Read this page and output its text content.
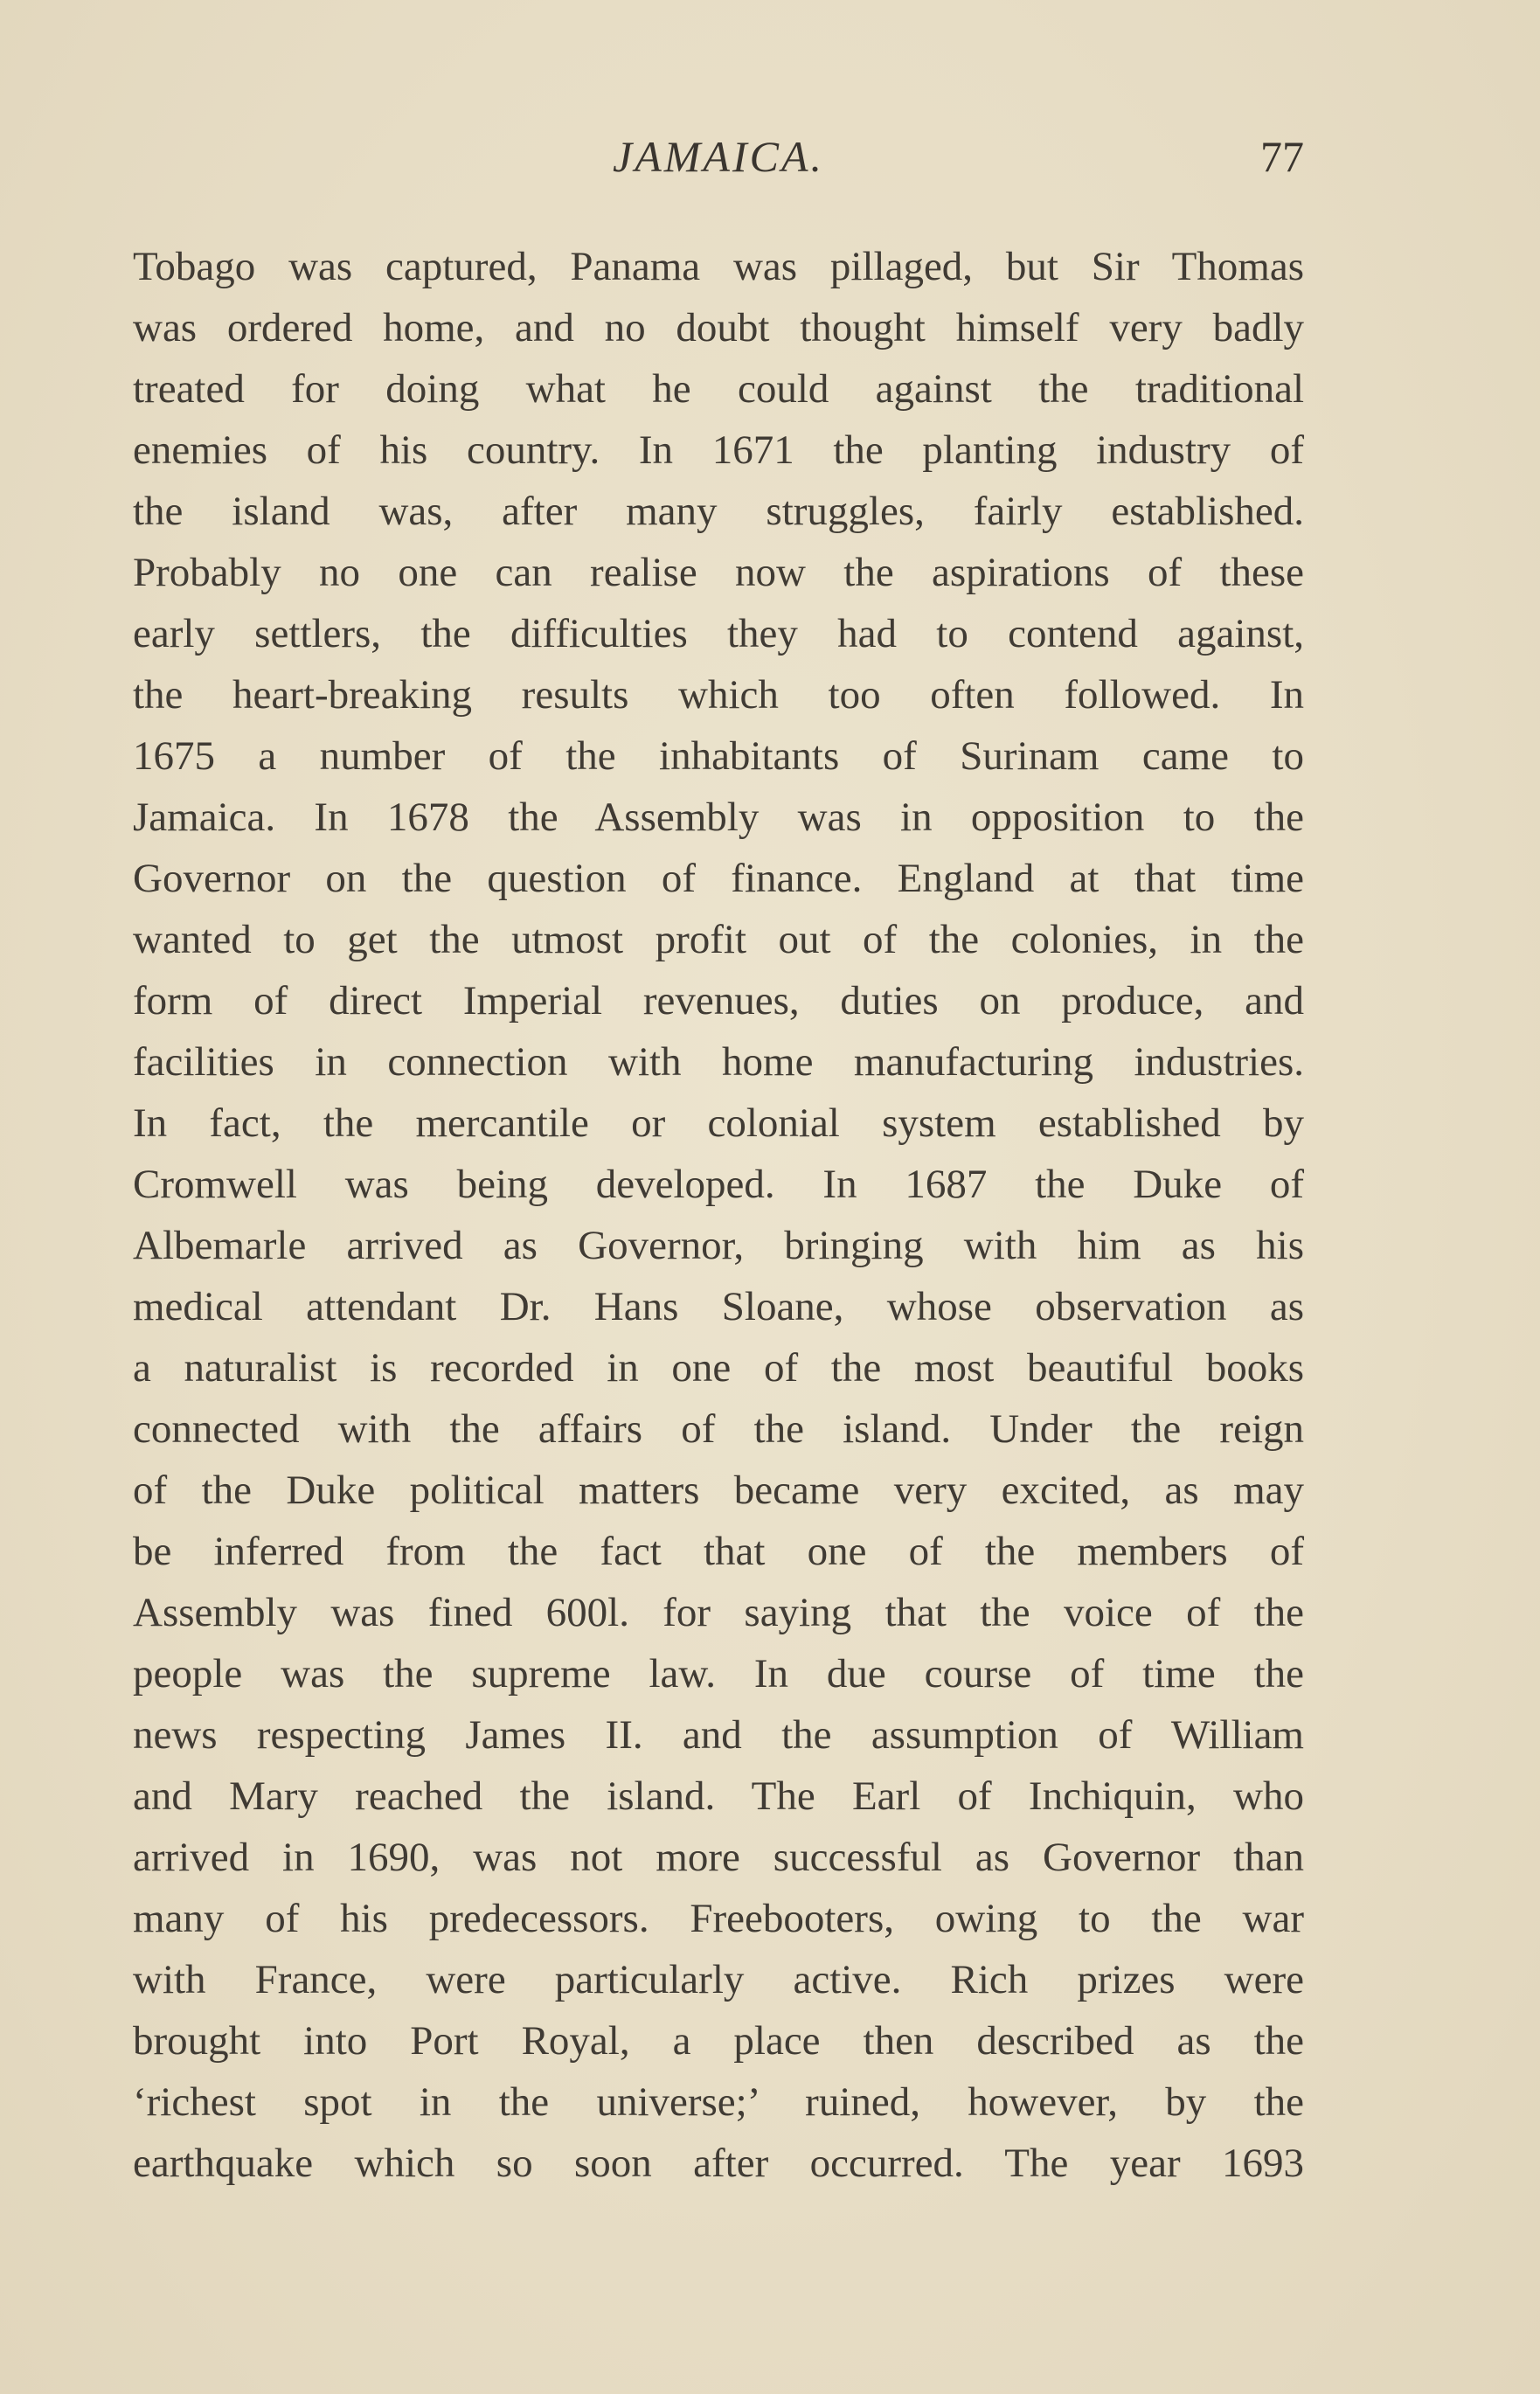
JAMAICA.	77
Tobago was captured, Panama was pillaged, but Sir Thomas
was ordered home, and no doubt thought himself very badly
treated for doing what he could against the traditional
enemies of his country. In 1671 the planting industry of
the island was, after many struggles, fairly established.
Probably no one can realise now the aspirations of these
early settlers, the difficulties they had to contend against,
the heart-breaking results which too often followed. In
1675 a number of the inhabitants of Surinam came to
Jamaica. In 1678 the Assembly was in opposition to the
Governor on the question of finance. England at that time
wanted to get the utmost profit out of the colonies, in the
form of direct Imperial revenues, duties on produce, and
facilities in connection with home manufacturing industries.
In fact, the mercantile or colonial system established by
Cromwell was being developed. In 1687 the Duke of
Albemarle arrived as Governor, bringing with him as his
medical attendant Dr. Hans Sloane, whose observation as
a naturalist is recorded in one of the most beautiful books
connected with the affairs of the island. Under the reign
of the Duke political matters became very excited, as may
be inferred from the fact that one of the members of
Assembly was fined 600l. for saying that the voice of the
people was the supreme law. In due course of time the
news respecting James II. and the assumption of William
and Mary reached the island. The Earl of Inchiquin, who
arrived in 1690, was not more successful as Governor than
many of his predecessors. Freebooters, owing to the war
with France, were particularly active. Rich prizes were
brought into Port Royal, a place then described as the
‘richest spot in the universe;’ ruined, however, by the
earthquake which so soon after occurred. The year 1693
